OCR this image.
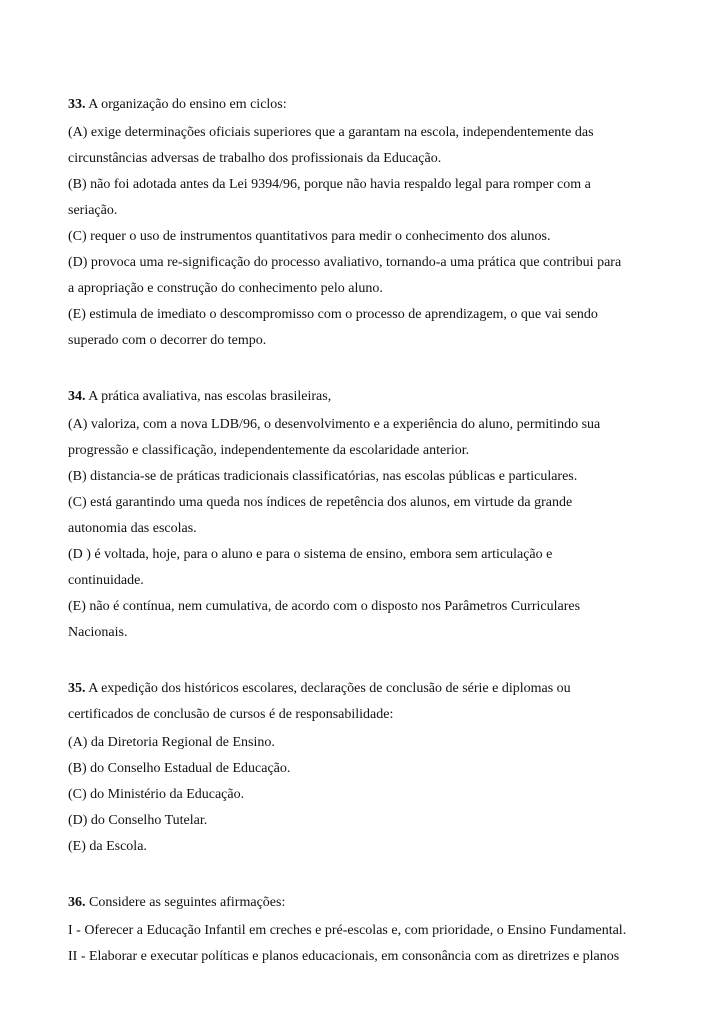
33. A organização do ensino em ciclos:
(A) exige determinações oficiais superiores que a garantam na escola, independentemente das
circunstâncias adversas de trabalho dos profissionais da Educação.
(B) não foi adotada antes da Lei 9394/96, porque não havia respaldo legal para romper com a
seriação.
(C) requer o uso de instrumentos quantitativos para medir o conhecimento dos alunos.
(D) provoca uma re-significação do processo avaliativo, tornando-a uma prática que contribui para
a apropriação e construção do conhecimento pelo aluno.
(E) estimula de imediato o descompromisso com o processo de aprendizagem, o que vai sendo
superado com o decorrer do tempo.
34. A prática avaliativa, nas escolas brasileiras,
(A) valoriza, com a nova LDB/96, o desenvolvimento e a experiência do aluno, permitindo sua
progressão e classificação, independentemente da escolaridade anterior.
(B) distancia-se de práticas tradicionais classificatórias, nas escolas públicas e particulares.
(C) está garantindo uma queda nos índices de repetência dos alunos, em virtude da grande
autonomia das escolas.
(D ) é voltada, hoje, para o aluno e para o sistema de ensino, embora sem articulação e
continuidade.
(E) não é contínua, nem cumulativa, de acordo com o disposto nos Parâmetros Curriculares
Nacionais.
35. A expedição dos históricos escolares, declarações de conclusão de série e diplomas ou
certificados de conclusão de cursos é de responsabilidade:
(A) da Diretoria Regional de Ensino.
(B) do Conselho Estadual de Educação.
(C) do Ministério da Educação.
(D) do Conselho Tutelar.
(E) da Escola.
36. Considere as seguintes afirmações:
I - Oferecer a Educação Infantil em creches e pré-escolas e, com prioridade, o Ensino Fundamental.
II - Elaborar e executar políticas e planos educacionais, em consonância com as diretrizes e planos
